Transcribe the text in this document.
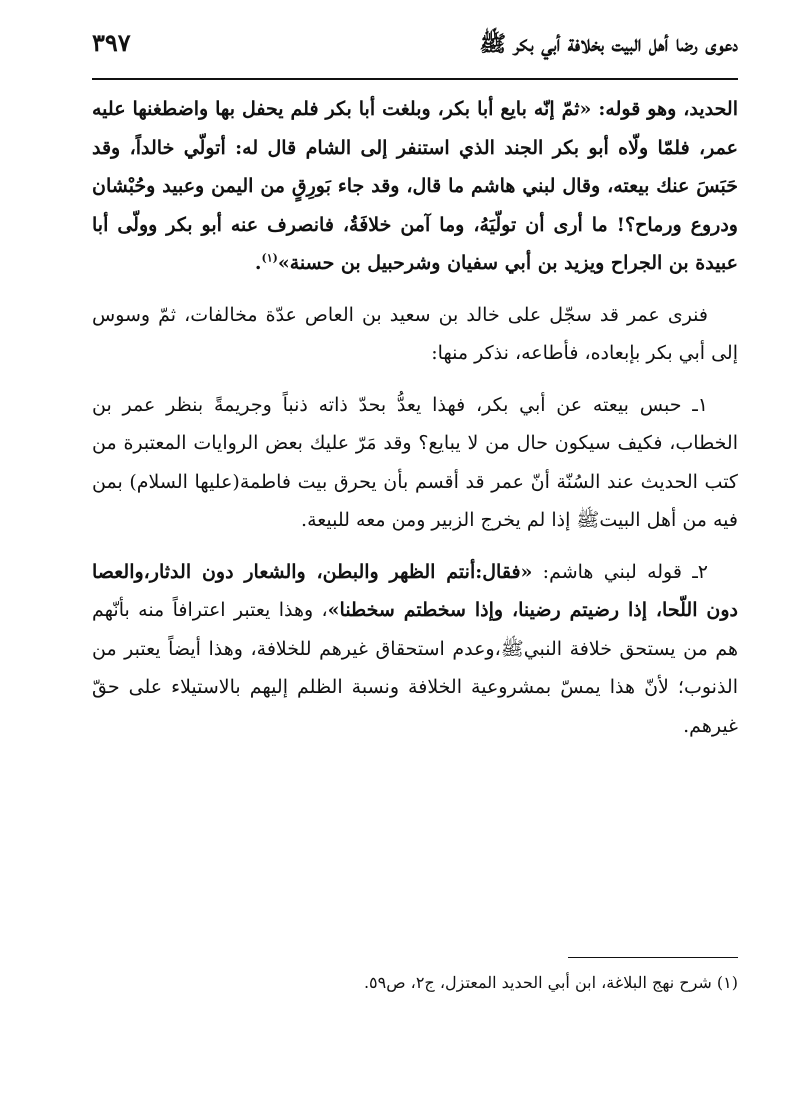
دعوى رضا أهل البيت بخلافة أبي بكر ﷺ
٣٩٧

الحديد، وهو قوله: «ثمّ إنّه بايع أبا بكر، وبلغت أبا بكر فلم يحفل بها واضطغنها عليه عمر، فلمّا ولّاه أبو بكر الجند الذي استنفر إلى الشام قال له: أتولّي خالداً، وقد حَبَسَ عنك بيعته، وقال لبني هاشم ما قال، وقد جاء بَورِقٍ من اليمن وعبيد وحُبْشان ودروع ورماح؟! ما أرى أن تولّيَهُ، وما آمن خلافَةُ، فانصرف عنه أبو بكر وولّى أبا عبيدة بن الجراح ويزيد بن أبي سفيان وشرحبيل بن حسنة»$^{(١)}$.

فنرى عمر قد سجّل على خالد بن سعيد بن العاص عدّة مخالفات، ثمّ وسوس إلى أبي بكر بإبعاده، فأطاعه، نذكر منها:

١ـ حبس بيعته عن أبي بكر، فهذا يعدُّ بحدّ ذاته ذنباً وجريمةً بنظر عمر بن الخطاب، فكيف سيكون حال من لا يبايع؟ وقد مَرّ عليك بعض الروايات المعتبرة من كتب الحديث عند السُنّة أنّ عمر قد أقسم بأن يحرق بيت فاطمة(عليها السلام) بمن فيه من أهل البيتﷺ إذا لم يخرج الزبير ومن معه للبيعة.

٢ـ قوله لبني هاشم: «فقال:أنتم الظهر والبطن، والشعار دون الدثار،والعصا دون اللّحا، إذا رضيتم رضينا، وإذا سخطتم سخطنا»، وهذا يعتبر اعترافاً منه بأنّهم هم من يستحق خلافة النبيﷺ،وعدم استحقاق غيرهم للخلافة، وهذا أيضاً يعتبر من الذنوب؛ لأنّ هذا يمسّ بمشروعية الخلافة ونسبة الظلم إليهم بالاستيلاء على حقّ غيرهم.

(١) شرح نهج البلاغة، ابن أبي الحديد المعتزل، ج٢، ص٥٩.
